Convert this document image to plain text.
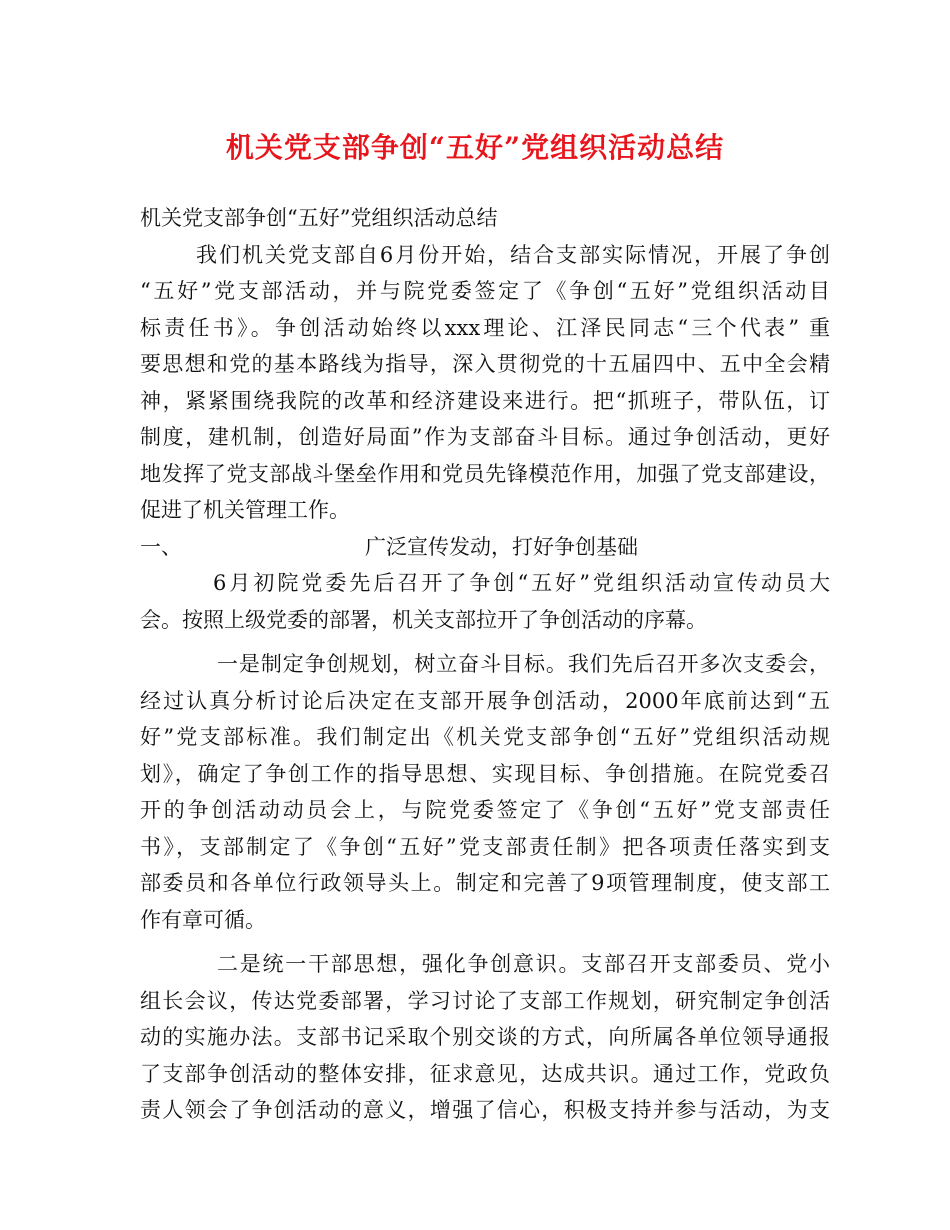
机关党支部争创“五好”党组织活动总结
机关党支部争创“五好”党组织活动总结
我们机关党支部自6月份开始，结合支部实际情况，开展了争创
“五好”党支部活动，并与院党委签定了《争创“五好”党组织活动目
标责任书》。争创活动始终以xxx理论、江泽民同志“三个代表” 重
要思想和党的基本路线为指导，深入贯彻党的十五届四中、五中全会精
神，紧紧围绕我院的改革和经济建设来进行。把“抓班子，带队伍，订
制度，建机制，创造好局面”作为支部奋斗目标。通过争创活动，更好
地发挥了党支部战斗堡垒作用和党员先锋模范作用，加强了党支部建设，
促进了机关管理工作。
一、	广泛宣传发动，打好争创基础
6月初院党委先后召开了争创“五好”党组织活动宣传动员大
会。按照上级党委的部署，机关支部拉开了争创活动的序幕。
一是制定争创规划，树立奋斗目标。我们先后召开多次支委会，
经过认真分析讨论后决定在支部开展争创活动，2000年底前达到“五
好”党支部标准。我们制定出《机关党支部争创“五好”党组织活动规
划》，确定了争创工作的指导思想、实现目标、争创措施。在院党委召
开的争创活动动员会上，与院党委签定了《争创“五好”党支部责任
书》，支部制定了《争创“五好”党支部责任制》把各项责任落实到支
部委员和各单位行政领导头上。制定和完善了9项管理制度，使支部工
作有章可循。
二是统一干部思想，强化争创意识。支部召开支部委员、党小
组长会议，传达党委部署，学习讨论了支部工作规划，研究制定争创活
动的实施办法。支部书记采取个别交谈的方式，向所属各单位领导通报
了支部争创活动的整体安排，征求意见，达成共识。通过工作，党政负
责人领会了争创活动的意义，增强了信心，积极支持并参与活动，为支
